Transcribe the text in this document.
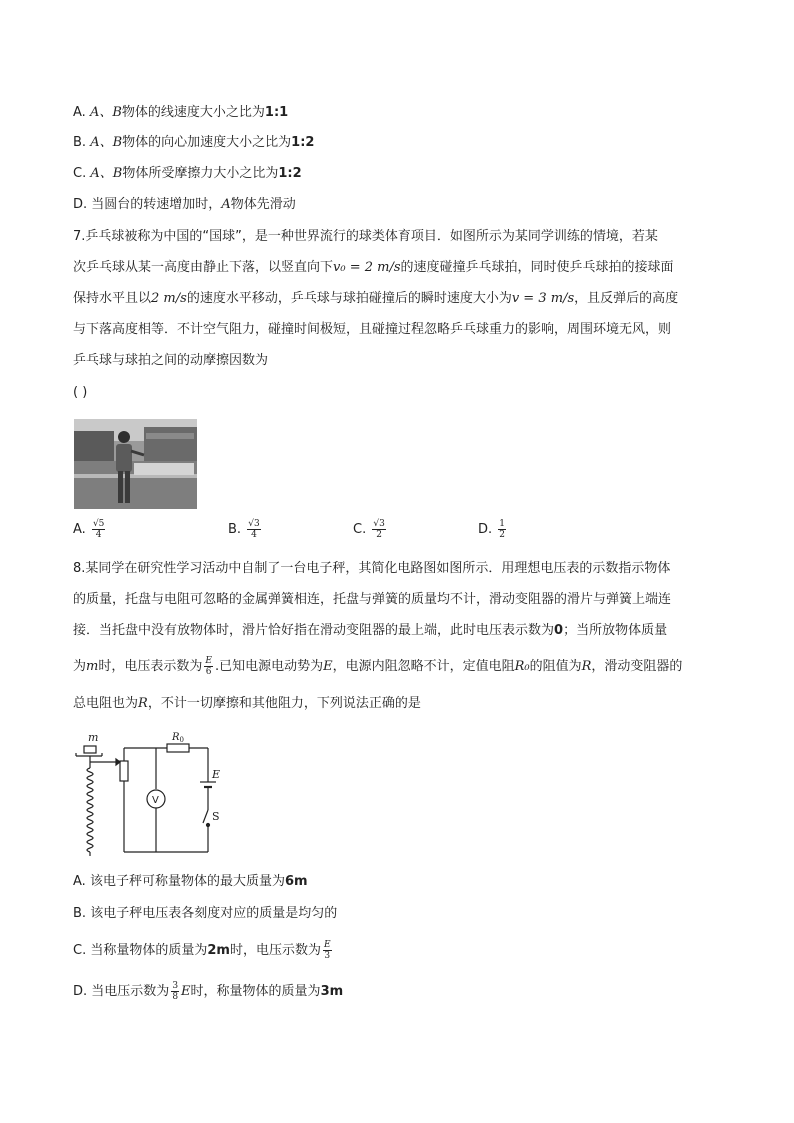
A. A、B物体的线速度大小之比为1:1
B. A、B物体的向心加速度大小之比为1:2
C. A、B物体所受摩擦力大小之比为1:2
D. 当圆台的转速增加时，A物体先滑动
7.乒乓球被称为中国的“国球”，是一种世界流行的球类体育项目．如图所示为某同学训练的情境，若某
次乒乓球从某一高度由静止下落，以竖直向下v₀ = 2 m/s的速度碰撞乒乓球拍，同时使乒乓球拍的接球面
保持水平且以2 m/s的速度水平移动，乒乓球与球拍碰撞后的瞬时速度大小为v = 3 m/s，且反弹后的高度
与下落高度相等．不计空气阻力，碰撞时间极短，且碰撞过程忽略乒乓球重力的影响，周围环境无风，则
乒乓球与球拍之间的动摩擦因数为
( )
A. $\frac{√5}{4}$	B. $\frac{√3}{4}$	C. $\frac{√3}{2}$	D. $\frac{1}{2}$
8.某同学在研究性学习活动中自制了一台电子秤，其简化电路图如图所示．用理想电压表的示数指示物体
的质量，托盘与电阻可忽略的金属弹簧相连，托盘与弹簧的质量均不计，滑动变阻器的滑片与弹簧上端连
接．当托盘中没有放物体时，滑片恰好指在滑动变阻器的最上端，此时电压表示数为0；当所放物体质量
为m时，电压表示数为 $\frac{E}{6}$ .已知电源电动势为E，电源内阻忽略不计，定值电阻R₀的阻值为R，滑动变阻器的
总电阻也为R，不计一切摩擦和其他阻力，下列说法正确的是
m	$R_0$
E
S
V
A. 该电子秤可称量物体的最大质量为6m
B. 该电子秤电压表各刻度对应的质量是均匀的
C. 当称量物体的质量为2m时，电压示数为 $\frac{E}{3}$
D. 当电压示数为 $\frac{3}{8}$ E时，称量物体的质量为3m
